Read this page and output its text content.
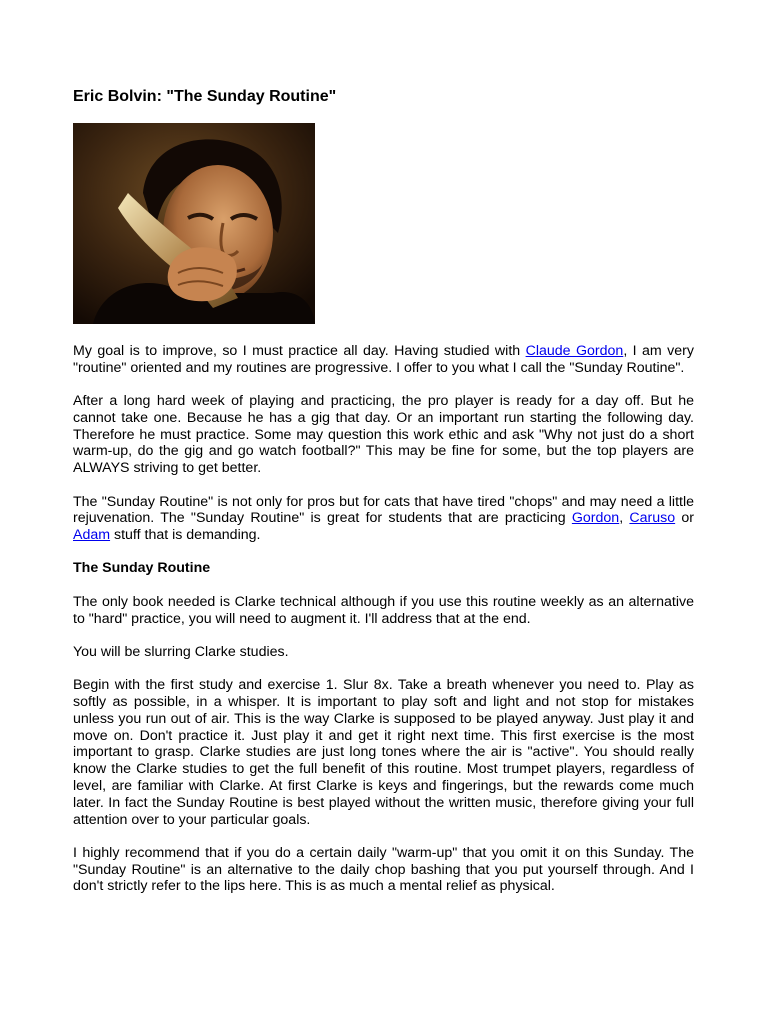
Eric Bolvin: "The Sunday Routine"

My goal is to improve, so I must practice all day. Having studied with Claude Gordon, I am very "routine" oriented and my routines are progressive. I offer to you what I call the "Sunday Routine".

After a long hard week of playing and practicing, the pro player is ready for a day off. But he cannot take one. Because he has a gig that day. Or an important run starting the following day. Therefore he must practice. Some may question this work ethic and ask "Why not just do a short warm-up, do the gig and go watch football?" This may be fine for some, but the top players are ALWAYS striving to get better.

The "Sunday Routine" is not only for pros but for cats that have tired "chops" and may need a little rejuvenation. The "Sunday Routine" is great for students that are practicing Gordon, Caruso or Adam stuff that is demanding.

The Sunday Routine

The only book needed is Clarke technical although if you use this routine weekly as an alternative to "hard" practice, you will need to augment it. I'll address that at the end.

You will be slurring Clarke studies.

Begin with the first study and exercise 1. Slur 8x. Take a breath whenever you need to. Play as softly as possible, in a whisper. It is important to play soft and light and not stop for mistakes unless you run out of air. This is the way Clarke is supposed to be played anyway. Just play it and move on. Don't practice it. Just play it and get it right next time. This first exercise is the most important to grasp. Clarke studies are just long tones where the air is "active". You should really know the Clarke studies to get the full benefit of this routine. Most trumpet players, regardless of level, are familiar with Clarke. At first Clarke is keys and fingerings, but the rewards come much later. In fact the Sunday Routine is best played without the written music, therefore giving your full attention over to your particular goals.

I highly recommend that if you do a certain daily "warm-up" that you omit it on this Sunday. The "Sunday Routine" is an alternative to the daily chop bashing that you put yourself through. And I don't strictly refer to the lips here. This is as much a mental relief as physical.
